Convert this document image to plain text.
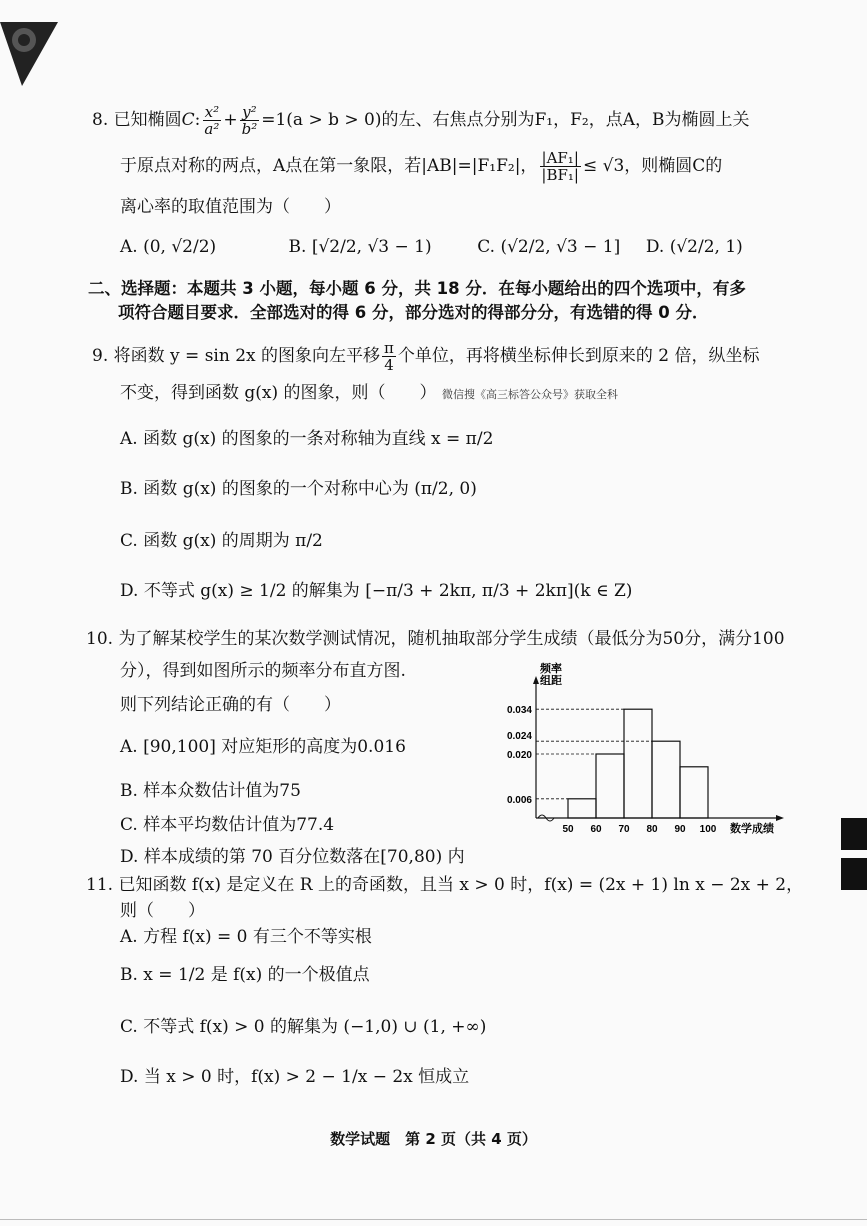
8. 已知椭圆C: $\frac{\text{x²}}{\text{a²}} + \frac{\text{y²}}{\text{b²}} =1(a > b > 0)$的左、右焦点分别为F₁，F₂，点A，B为椭圆上关
于原点对称的两点，A点在第一象限，若|AB|=|F₁F₂|， $\frac{\text{|AF₁|}}{\text{|BF₁|}} \le √3$，则椭圆C的
离心率的取值范围为（　　）
A. (0, √2/2)	B. [√2/2, √3 − 1)	C. (√2/2, √3 − 1] D. (√2/2, 1)
二、选择题：本题共 3 小题，每小题 6 分，共 18 分．在每小题给出的四个选项中，有多
项符合题目要求．全部选对的得 6 分，部分选对的得部分分，有选错的得 0 分．
9. 将函数 y = sin 2x 的图象向左平移 $\frac{\pi}{4}$ 个单位，再将横坐标伸长到原来的 2 倍，纵坐标
不变，得到函数 g(x) 的图象，则（　　） 微信搜《高三标答公众号》获取全科
A. 函数 g(x) 的图象的一条对称轴为直线 x = π/2
B. 函数 g(x) 的图象的一个对称中心为 (π/2, 0)
C. 函数 g(x) 的周期为 π/2
D. 不等式 g(x) ≥ 1/2 的解集为 [−π/3 + 2kπ, π/3 + 2kπ](k ∈ Z)
10. 为了解某校学生的某次数学测试情况，随机抽取部分学生成绩（最低分为50分，满分100
分），得到如图所示的频率分布直方图.
则下列结论正确的有（　　）
A. [90,100] 对应矩形的高度为0.016
B. 样本众数估计值为75
C. 样本平均数估计值为77.4
D. 样本成绩的第 70 百分位数落在[70,80) 内
频率
组距
数学成绩
0.006
0.020
0.024
0.034
50 60 70 80 90 100
11. 已知函数 f(x) 是定义在 R 上的奇函数，且当 x > 0 时，f(x) = (2x + 1) ln x − 2x + 2，
则（　　）
A. 方程 f(x) = 0 有三个不等实根
B. x = 1/2 是 f(x) 的一个极值点
C. 不等式 f(x) > 0 的解集为 (−1,0) ∪ (1, +∞)
D. 当 x > 0 时，f(x) > 2 − 1/x − 2x 恒成立
数学试题　第 2 页（共 4 页）
